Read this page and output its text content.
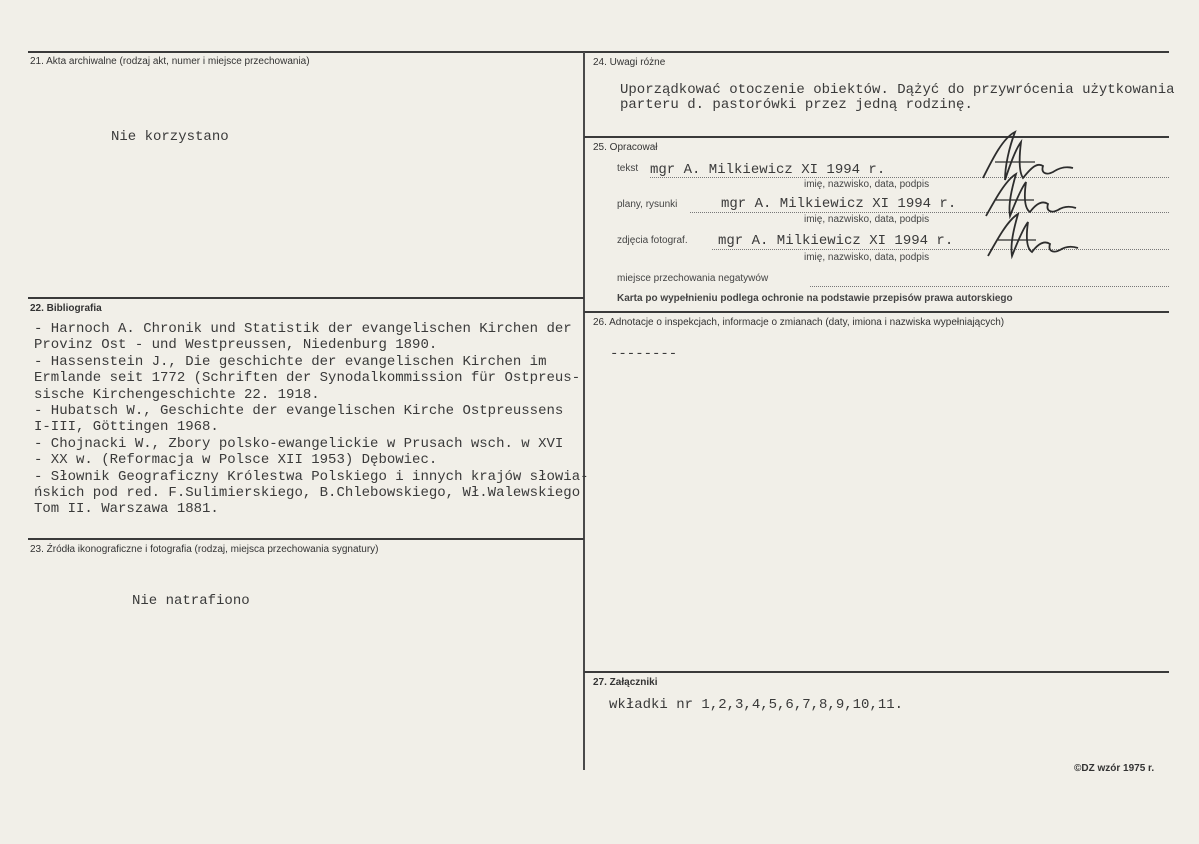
21. Akta archiwalne (rodzaj akt, numer i miejsce przechowania)
Nie korzystano
22. Bibliografia
- Harnoch A. Chronik und Statistik der evangelischen Kirchen der
Provinz Ost - und Westpreussen, Niedenburg 1890.
- Hassenstein J., Die geschichte der evangelischen Kirchen im
Ermlande seit 1772 (Schriften der Synodalkommission für Ostpreus-
sische Kirchengeschichte 22. 1918.
- Hubatsch W., Geschichte der evangelischen Kirche Ostpreussens
I-III, Göttingen 1968.
- Chojnacki W., Zbory polsko-ewangelickie w Prusach wsch. w XVI
- XX w. (Reformacja w Polsce XII 1953) Dębowiec.
- Słownik Geograficzny Królestwa Polskiego i innych krajów słowia-
ńskich pod red. F.Sulimierskiego, B.Chlebowskiego, Wł.Walewskiego
Tom II. Warszawa 1881.
23. Źródła ikonograficzne i fotografia (rodzaj, miejsca przechowania sygnatury)
Nie natrafiono
24. Uwagi różne
Uporządkować otoczenie obiektów. Dążyć do przywrócenia użytkowania
parteru d. pastorówki przez jedną rodzinę.
25. Opracował
tekst mgr A. Milkiewicz XI 1994 r.
imię, nazwisko, data, podpis
plany, rysunki	mgr A. Milkiewicz XI 1994 r.
imię, nazwisko, data, podpis
zdjęcia fotograf. mgr A. Milkiewicz XI 1994 r.
imię, nazwisko, data, podpis
miejsce przechowania negatywów
Karta po wypełnieniu podlega ochronie na podstawie przepisów prawa autorskiego
26. Adnotacje o inspekcjach, informacje o zmianach (daty, imiona i nazwiska wypełniających)
--------
27. Załączniki
wkładki nr 1,2,3,4,5,6,7,8,9,10,11.
©DZ wzór 1975 r.
